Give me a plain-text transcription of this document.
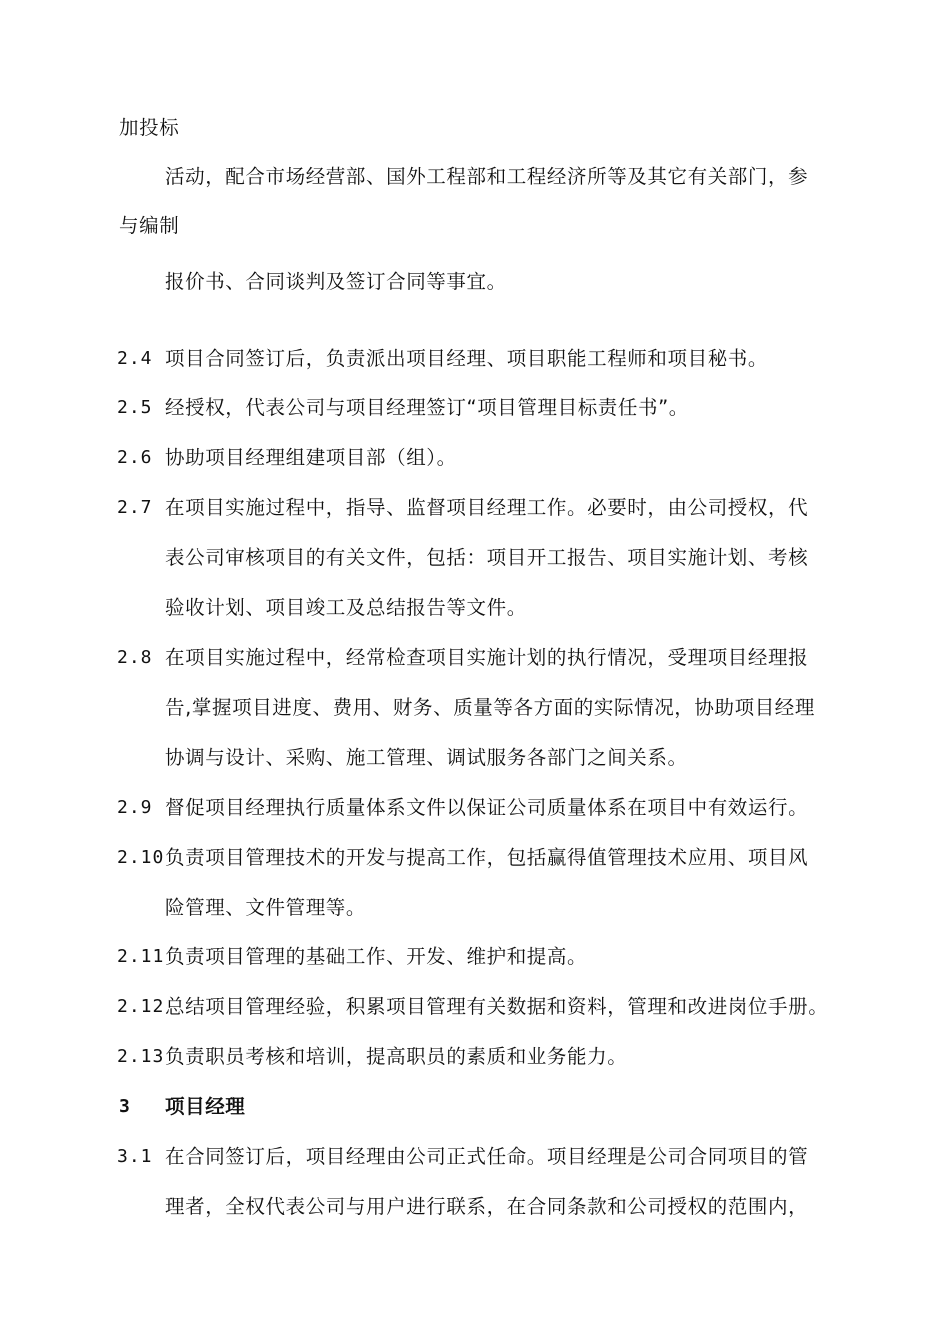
加投标
活动，配合市场经营部、国外工程部和工程经济所等及其它有关部门，参
与编制
报价书、合同谈判及签订合同等事宜。
2.4 项目合同签订后，负责派出项目经理、项目职能工程师和项目秘书。
2.5 经授权，代表公司与项目经理签订“项目管理目标责任书”。
2.6 协助项目经理组建项目部（组）。
2.7 在项目实施过程中，指导、监督项目经理工作。必要时，由公司授权，代
表公司审核项目的有关文件，包括：项目开工报告、项目实施计划、考核
验收计划、项目竣工及总结报告等文件。
2.8 在项目实施过程中，经常检查项目实施计划的执行情况，受理项目经理报
告,掌握项目进度、费用、财务、质量等各方面的实际情况，协助项目经理
协调与设计、采购、施工管理、调试服务各部门之间关系。
2.9 督促项目经理执行质量体系文件以保证公司质量体系在项目中有效运行。
2.10 负责项目管理技术的开发与提高工作，包括赢得值管理技术应用、项目风
险管理、文件管理等。
2.11 负责项目管理的基础工作、开发、维护和提高。
2.12 总结项目管理经验，积累项目管理有关数据和资料，管理和改进岗位手册。
2.13 负责职员考核和培训，提高职员的素质和业务能力。
3 项目经理
3.1 在合同签订后，项目经理由公司正式任命。项目经理是公司合同项目的管
理者，全权代表公司与用户进行联系，在合同条款和公司授权的范围内，
